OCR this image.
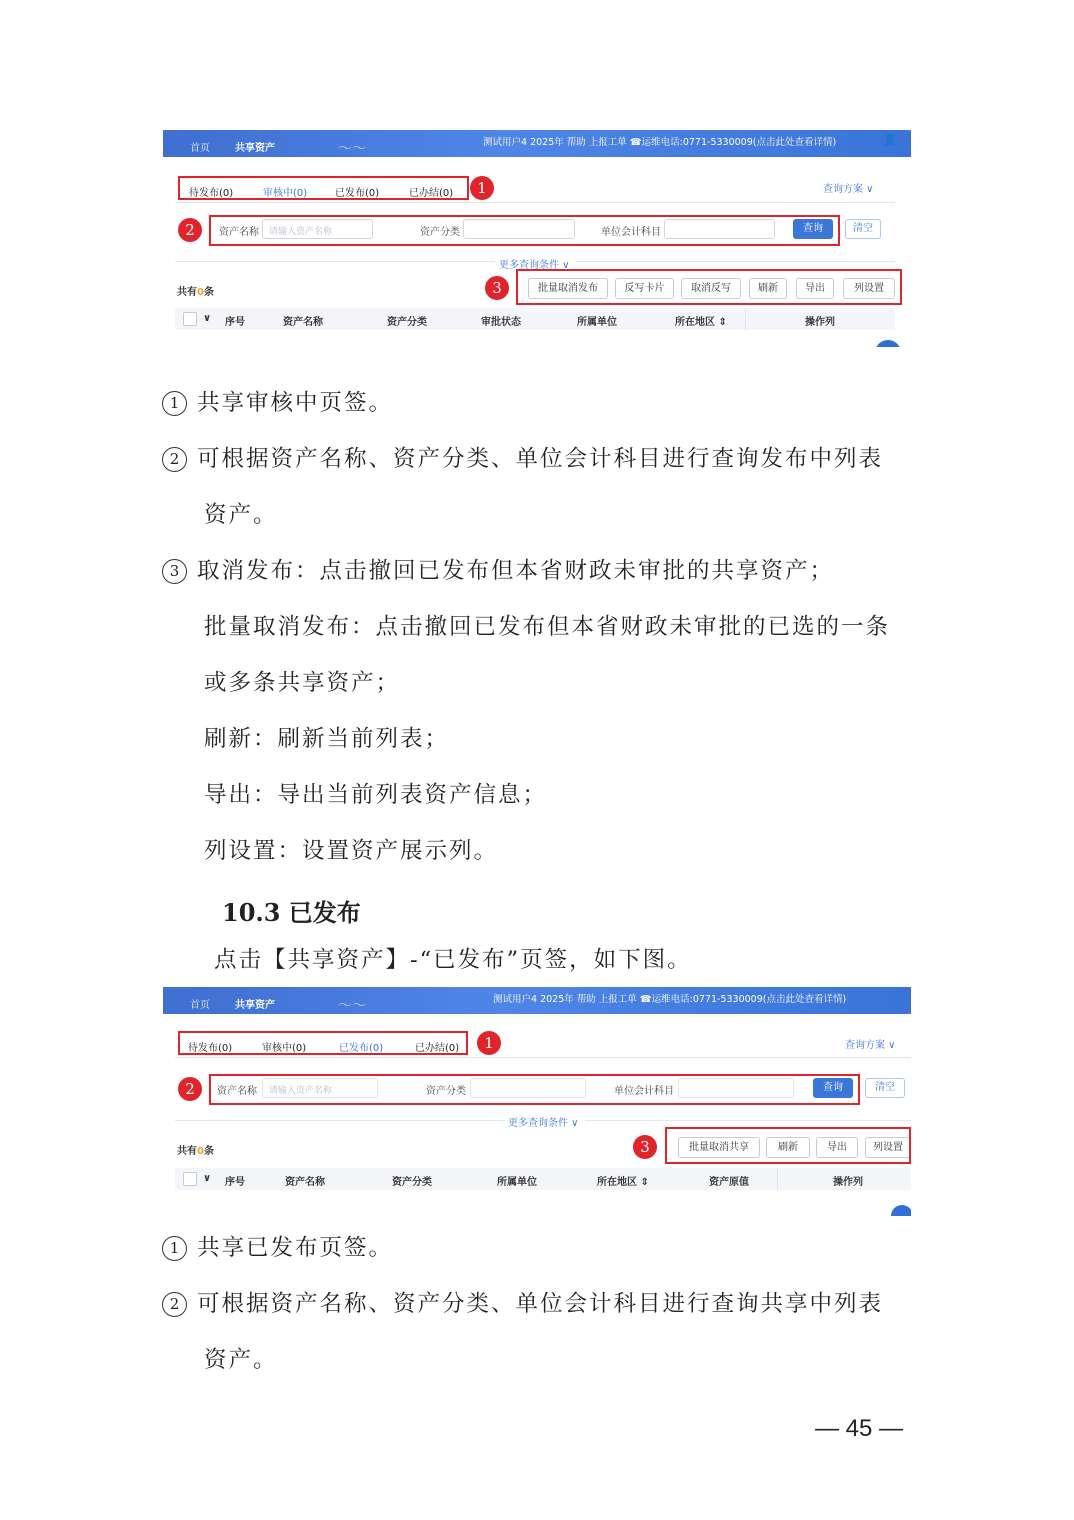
首页	共享资产	〜〜	测试用户4 2025年 帮助 上报工单 ☎运维电话:0771-5330009(点击此处查看详情)	👤
待发布(0)	审核中(0)	已发布(0)	已办结(0)	查询方案 ∨
资产名称	请输入资产名称	资产分类	单位会计科目	查询	清空
更多查询条件 ∨
共有0条	批量取消发布	反写卡片	取消反写	刷新	导出	列设置
∨ 序号	资产名称	资产分类	审批状态	所属单位	所在地区 ⇕	操作列
1
2
3
1 共享审核中页签。
2 可根据资产名称、资产分类、单位会计科目进行查询发布中列表
资产。
3 取消发布：点击撤回已发布但本省财政未审批的共享资产；
批量取消发布：点击撤回已发布但本省财政未审批的已选的一条
或多条共享资产；
刷新：刷新当前列表；
导出：导出当前列表资产信息；
列设置：设置资产展示列。
10.3 已发布
点击【共享资产】-“已发布”页签，如下图。
首页	共享资产	〜〜	测试用户4 2025年 帮助 上报工单 ☎运维电话:0771-5330009(点击此处查看详情)
待发布(0)	审核中(0)	已发布(0)	已办结(0)	查询方案 ∨
资产名称	请输入资产名称	资产分类	单位会计科目	查询	清空
更多查询条件 ∨
共有0条	批量取消共享	刷新	导出	列设置
∨ 序号	资产名称	资产分类	所属单位	所在地区 ⇕	资产原值	操作列
1
2
3
1 共享已发布页签。
2 可根据资产名称、资产分类、单位会计科目进行查询共享中列表
资产。
— 45 —
